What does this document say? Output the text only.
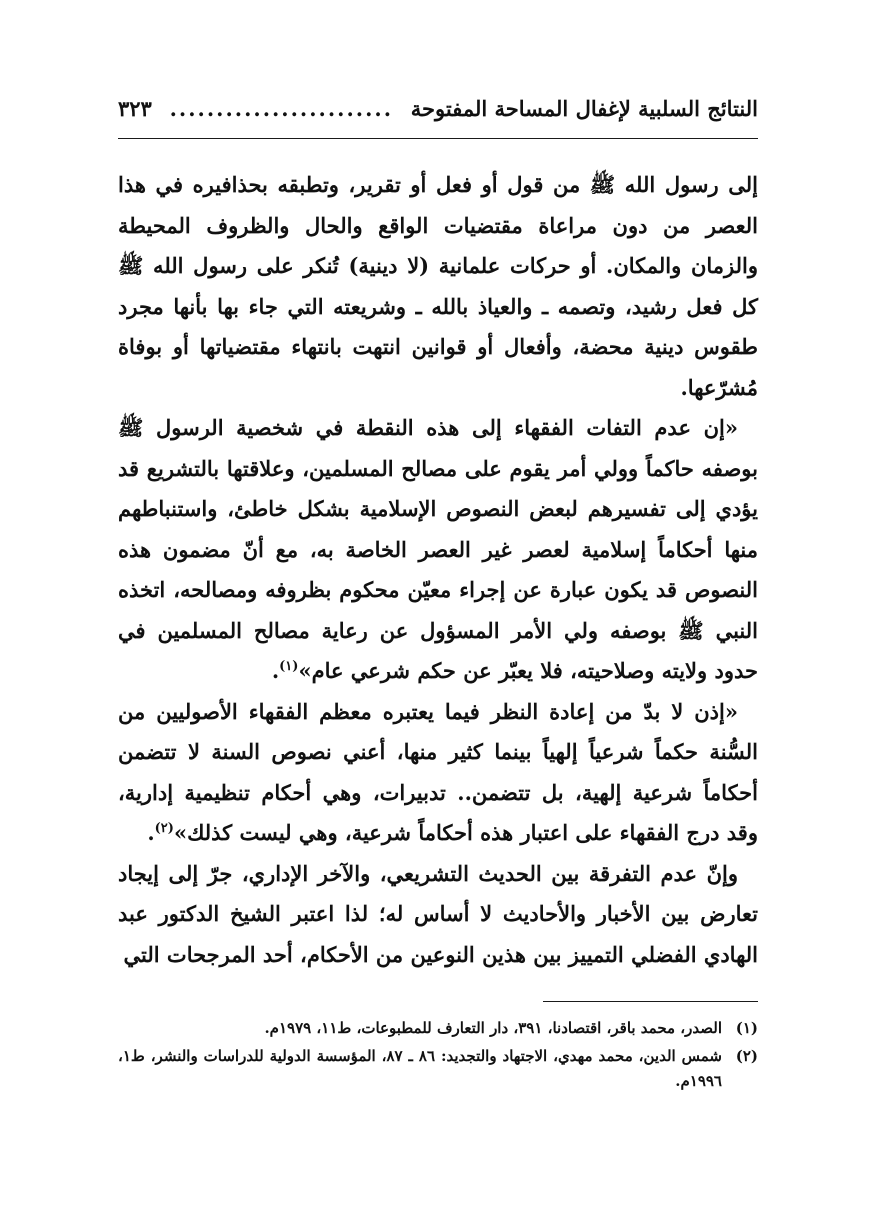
النتائج السلبية لإغفال المساحة المفتوحة
........................
٣٢٣

إلى رسول الله ﷺ من قول أو فعل أو تقرير، وتطبقه بحذافيره في هذا العصر من دون مراعاة مقتضيات الواقع والحال والظروف المحيطة والزمان والمكان. أو حركات علمانية (لا دينية) تُنكر على رسول الله ﷺ كل فعل رشيد، وتصمه ـ والعياذ بالله ـ وشريعته التي جاء بها بأنها مجرد طقوس دينية محضة، وأفعال أو قوانين انتهت بانتهاء مقتضياتها أو بوفاة مُشرّعها.

«إن عدم التفات الفقهاء إلى هذه النقطة في شخصية الرسول ﷺ بوصفه حاكماً وولي أمر يقوم على مصالح المسلمين، وعلاقتها بالتشريع قد يؤدي إلى تفسيرهم لبعض النصوص الإسلامية بشكل خاطئ، واستنباطهم منها أحكاماً إسلامية لعصر غير العصر الخاصة به، مع أنّ مضمون هذه النصوص قد يكون عبارة عن إجراء معيّن محكوم بظروفه ومصالحه، اتخذه النبي ﷺ بوصفه ولي الأمر المسؤول عن رعاية مصالح المسلمين في حدود ولايته وصلاحيته، فلا يعبّر عن حكم شرعي عام»$^{(١)}$.

«إذن لا بدّ من إعادة النظر فيما يعتبره معظم الفقهاء الأصوليين من السُّنة حكماً شرعياً إلهياً بينما كثير منها، أعني نصوص السنة لا تتضمن أحكاماً شرعية إلهية، بل تتضمن.. تدبيرات، وهي أحكام تنظيمية إدارية، وقد درج الفقهاء على اعتبار هذه أحكاماً شرعية، وهي ليست كذلك»$^{(٢)}$.

وإنّ عدم التفرقة بين الحديث التشريعي، والآخر الإداري، جرّ إلى إيجاد تعارض بين الأخبار والأحاديث لا أساس له؛ لذا اعتبر الشيخ الدكتور عبد الهادي الفضلي التمييز بين هذين النوعين من الأحكام، أحد المرجحات التي

(١)
الصدر، محمد باقر، اقتصادنا، ٣٩١، دار التعارف للمطبوعات، ط١١، ١٩٧٩م.
(٢)
شمس الدين، محمد مهدي، الاجتهاد والتجديد: ٨٦ ـ ٨٧، المؤسسة الدولية للدراسات والنشر، ط١، ١٩٩٦م.
